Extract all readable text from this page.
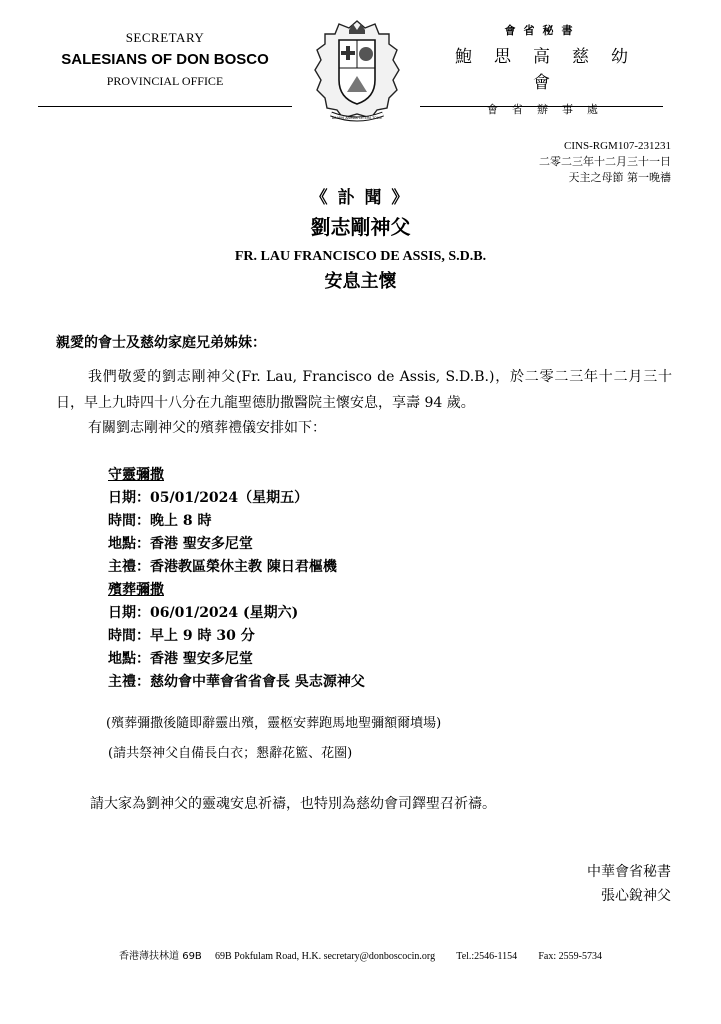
SECRETARY
SALESIANS OF DON BOSCO
PROVINCIAL OFFICE
DA MIHI ANIMAS CETERA TOLLE
會省秘書
鮑思高慈幼會
會省辦事處
CINS-RGM107-231231
二零二三年十二月三十一日
天主之母節 第一晚禱
《 訃 聞 》
劉志剛神父
FR. LAU FRANCISCO DE ASSIS, S.D.B.
安息主懷
親愛的會士及慈幼家庭兄弟姊妹：
我們敬愛的劉志剛神父(Fr. Lau, Francisco de Assis, S.D.B.)，於二零二三年十二月三十日，早上九時四十八分在九龍聖德肋撒醫院主懷安息，享壽 94 歲。
有關劉志剛神父的殯葬禮儀安排如下：
守靈彌撒
日期：05/01/2024（星期五）
時間：晚上 8 時
地點：香港 聖安多尼堂
主禮：香港教區榮休主教 陳日君樞機
殯葬彌撒
日期：06/01/2024 (星期六)
時間：早上 9 時 30 分
地點：香港 聖安多尼堂
主禮：慈幼會中華會省省會長 吳志源神父
(殯葬彌撒後隨即辭靈出殯，靈柩安葬跑馬地聖彌額爾墳場)
(請共祭神父自備長白衣；懇辭花籃、花圈)
請大家為劉神父的靈魂安息祈禱，也特別為慈幼會司鐸聖召祈禱。
中華會省秘書
張心銳神父
香港薄扶林道 69B 69B Pokfulam Road, H.K. secretary@donboscocin.org Tel.:2546-1154 Fax: 2559-5734
